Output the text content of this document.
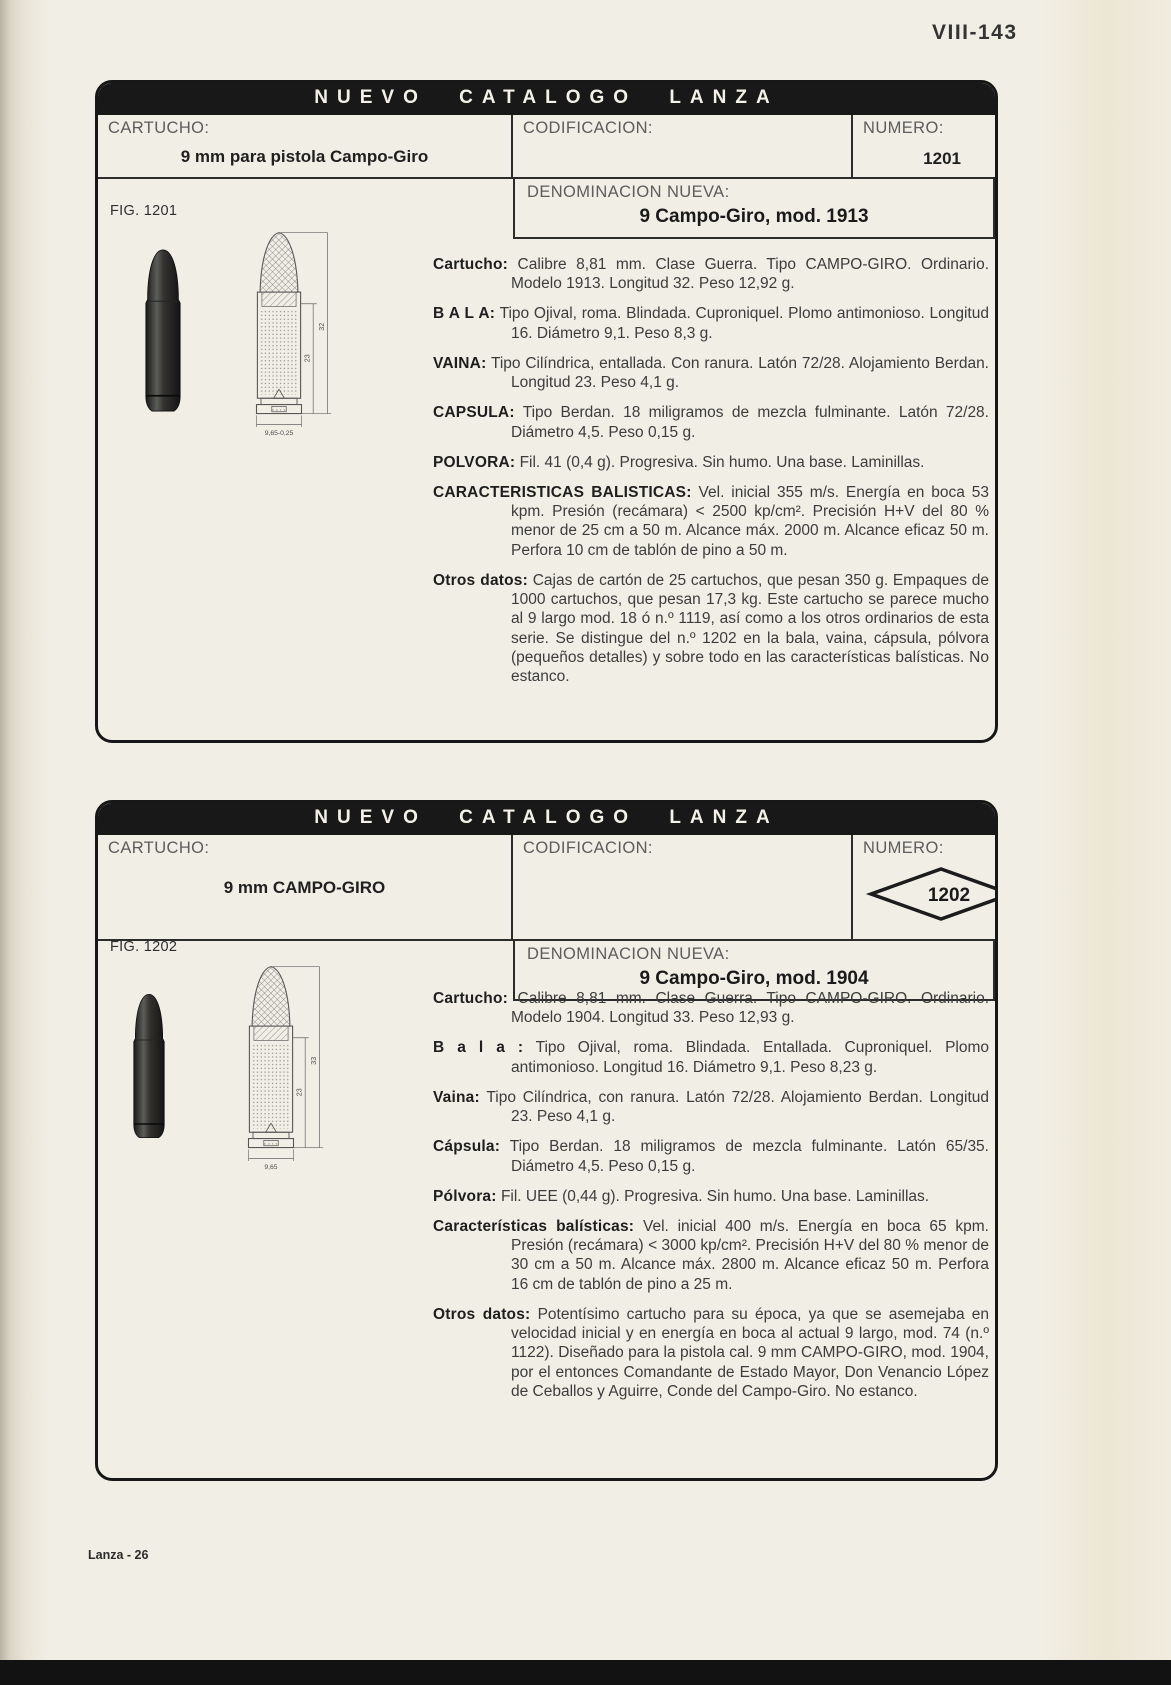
VIII-143
NUEVO CATALOGO LANZA
CARTUCHO:
9 mm para pistola Campo-Giro
CODIFICACION:	NUMERO:
1201
DENOMINACION NUEVA:
9 Campo-Giro, mod. 1913
FIG. 1201
23
32
9,65-0,25

Cartucho: Calibre 8,81 mm. Clase Guerra. Tipo CAMPO-GIRO. Ordinario. Modelo 1913. Longitud 32. Peso 12,92 g.

B A L A: Tipo Ojival, roma. Blindada. Cuproniquel. Plomo antimonioso. Longitud 16. Diámetro 9,1. Peso 8,3 g.

VAINA: Tipo Cilíndrica, entallada. Con ranura. Latón 72/28. Alojamiento Berdan. Longitud 23. Peso 4,1 g.

CAPSULA: Tipo Berdan. 18 miligramos de mezcla fulminante. Latón 72/28. Diámetro 4,5. Peso 0,15 g.

POLVORA: Fil. 41 (0,4 g). Progresiva. Sin humo. Una base. Laminillas.

CARACTERISTICAS BALISTICAS: Vel. inicial 355 m/s. Energía en boca 53 kpm. Presión (recámara) < 2500 kp/cm². Precisión H+V del 80 % menor de 25 cm a 50 m. Alcance máx. 2000 m. Alcance eficaz 50 m. Perfora 10 cm de tablón de pino a 50 m.

Otros datos: Cajas de cartón de 25 cartuchos, que pesan 350 g. Empaques de 1000 cartuchos, que pesan 17,3 kg. Este cartucho se parece mucho al 9 largo mod. 18 ó n.º 1119, así como a los otros ordinarios de esta serie. Se distingue del n.º 1202 en la bala, vaina, cápsula, pólvora (pequeños detalles) y sobre todo en las características balísticas. No estanco.

NUEVO CATALOGO LANZA
CARTUCHO:
9 mm CAMPO-GIRO
CODIFICACION:	NUMERO:
1202
DENOMINACION NUEVA:
9 Campo-Giro, mod. 1904
FIG. 1202
23
33
9,65

Cartucho: Calibre 8,81 mm. Clase Guerra. Tipo CAMPO-GIRO. Ordinario. Modelo 1904. Longitud 33. Peso 12,93 g.

B a l a : Tipo Ojival, roma. Blindada. Entallada. Cuproniquel. Plomo antimonioso. Longitud 16. Diámetro 9,1. Peso 8,23 g.

Vaina: Tipo Cilíndrica, con ranura. Latón 72/28. Alojamiento Berdan. Longitud 23. Peso 4,1 g.

Cápsula: Tipo Berdan. 18 miligramos de mezcla fulminante. Latón 65/35. Diámetro 4,5. Peso 0,15 g.

Pólvora: Fil. UEE (0,44 g). Progresiva. Sin humo. Una base. Laminillas.

Características balísticas: Vel. inicial 400 m/s. Energía en boca 65 kpm. Presión (recámara) < 3000 kp/cm². Precisión H+V del 80 % menor de 30 cm a 50 m. Alcance máx. 2800 m. Alcance eficaz 50 m. Perfora 16 cm de tablón de pino a 25 m.

Otros datos: Potentísimo cartucho para su época, ya que se asemejaba en velocidad inicial y en energía en boca al actual 9 largo, mod. 74 (n.º 1122). Diseñado para la pistola cal. 9 mm CAMPO-GIRO, mod. 1904, por el entonces Comandante de Estado Mayor, Don Venancio López de Ceballos y Aguirre, Conde del Campo-Giro. No estanco.

Lanza - 26
